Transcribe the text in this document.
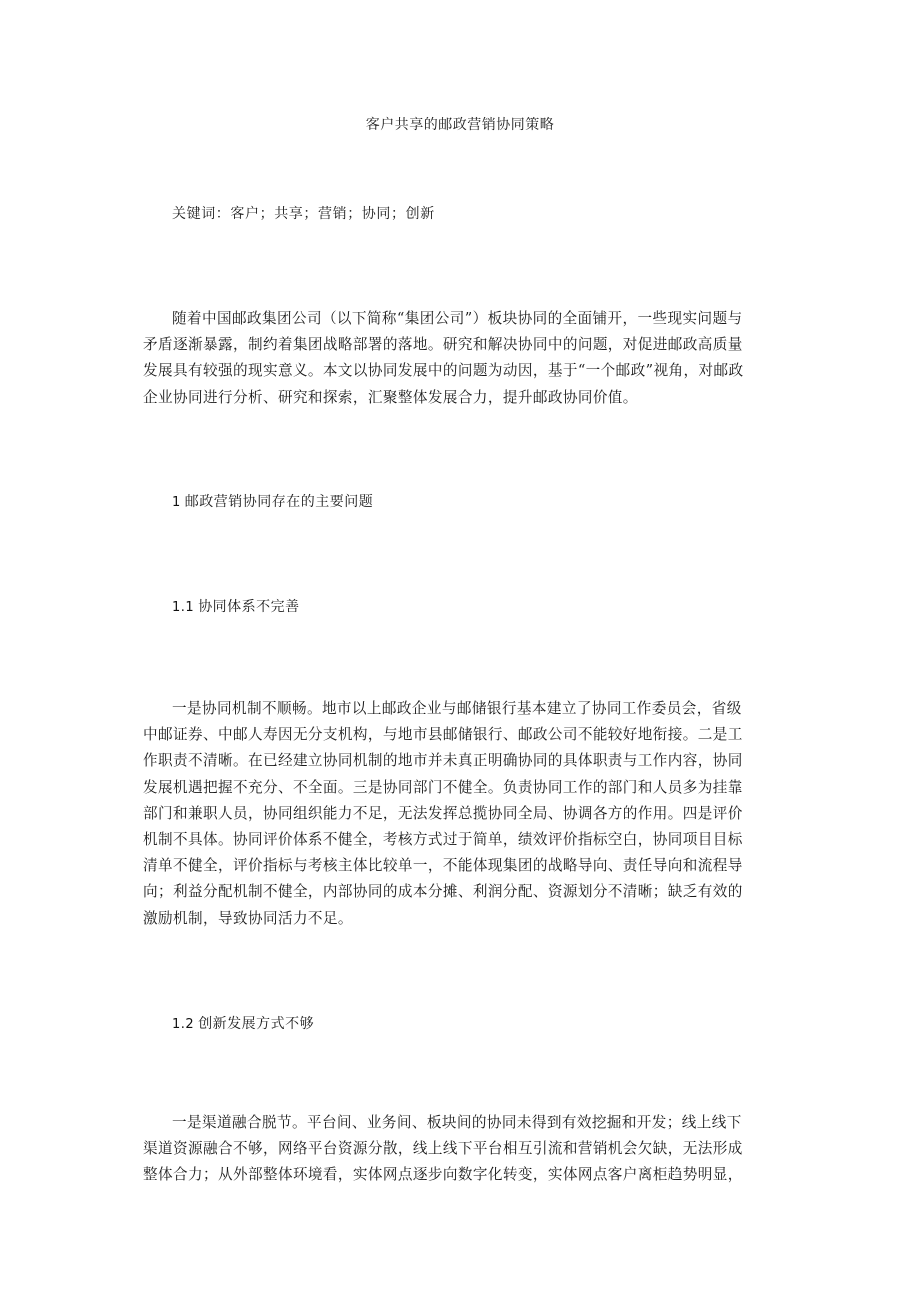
客户共享的邮政营销协同策略
关键词：客户；共享；营销；协同；创新
随着中国邮政集团公司（以下简称“集团公司”）板块协同的全面铺开，一些现实问题与
矛盾逐渐暴露，制约着集团战略部署的落地。研究和解决协同中的问题，对促进邮政高质量
发展具有较强的现实意义。本文以协同发展中的问题为动因，基于“一个邮政”视角，对邮政
企业协同进行分析、研究和探索，汇聚整体发展合力，提升邮政协同价值。
1 邮政营销协同存在的主要问题
1.1 协同体系不完善
一是协同机制不顺畅。地市以上邮政企业与邮储银行基本建立了协同工作委员会，省级
中邮证券、中邮人寿因无分支机构，与地市县邮储银行、邮政公司不能较好地衔接。二是工
作职责不清晰。在已经建立协同机制的地市并未真正明确协同的具体职责与工作内容，协同
发展机遇把握不充分、不全面。三是协同部门不健全。负责协同工作的部门和人员多为挂靠
部门和兼职人员，协同组织能力不足，无法发挥总揽协同全局、协调各方的作用。四是评价
机制不具体。协同评价体系不健全，考核方式过于简单，绩效评价指标空白，协同项目目标
清单不健全，评价指标与考核主体比较单一，不能体现集团的战略导向、责任导向和流程导
向；利益分配机制不健全，内部协同的成本分摊、利润分配、资源划分不清晰；缺乏有效的
激励机制，导致协同活力不足。
1.2 创新发展方式不够
一是渠道融合脱节。平台间、业务间、板块间的协同未得到有效挖掘和开发；线上线下
渠道资源融合不够，网络平台资源分散，线上线下平台相互引流和营销机会欠缺，无法形成
整体合力；从外部整体环境看，实体网点逐步向数字化转变，实体网点客户离柜趋势明显，
